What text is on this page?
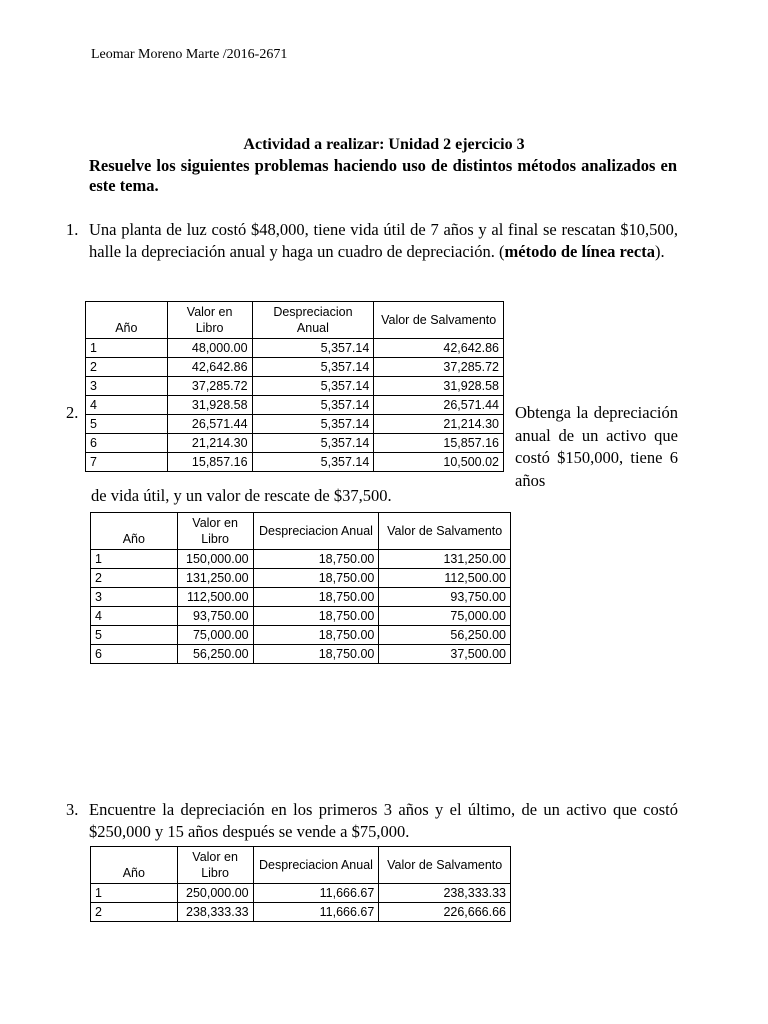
Leomar Moreno Marte /2016-2671
Actividad a realizar: Unidad 2 ejercicio 3
Resuelve los siguientes problemas haciendo uso de distintos métodos analizados en este tema.
1. Una planta de luz costó $48,000, tiene vida útil de 7 años y al final se rescatan $10,500, halle la depreciación anual y haga un cuadro de depreciación. (método de línea recta).
Año	Valor en Libro	Despreciacion Anual	Valor de Salvamento
1	48,000.00	5,357.14	42,642.86
2	42,642.86	5,357.14	37,285.72
3	37,285.72	5,357.14	31,928.58
4	31,928.58	5,357.14	26,571.44
5	26,571.44	5,357.14	21,214.30
6	21,214.30	5,357.14	15,857.16
7	15,857.16	5,357.14	10,500.02
2.	Obtenga la depreciación anual de un activo que costó $150,000, tiene 6 años
de vida útil, y un valor de rescate de $37,500.
Año	Valor en Libro	Despreciacion Anual	Valor de Salvamento
1	150,000.00	18,750.00	131,250.00
2	131,250.00	18,750.00	112,500.00
3	112,500.00	18,750.00	93,750.00
4	93,750.00	18,750.00	75,000.00
5	75,000.00	18,750.00	56,250.00
6	56,250.00	18,750.00	37,500.00
3. Encuentre la depreciación en los primeros 3 años y el último, de un activo que costó $250,000 y 15 años después se vende a $75,000.
Año	Valor en Libro	Despreciacion Anual	Valor de Salvamento
1	250,000.00	11,666.67	238,333.33
2	238,333.33	11,666.67	226,666.66
